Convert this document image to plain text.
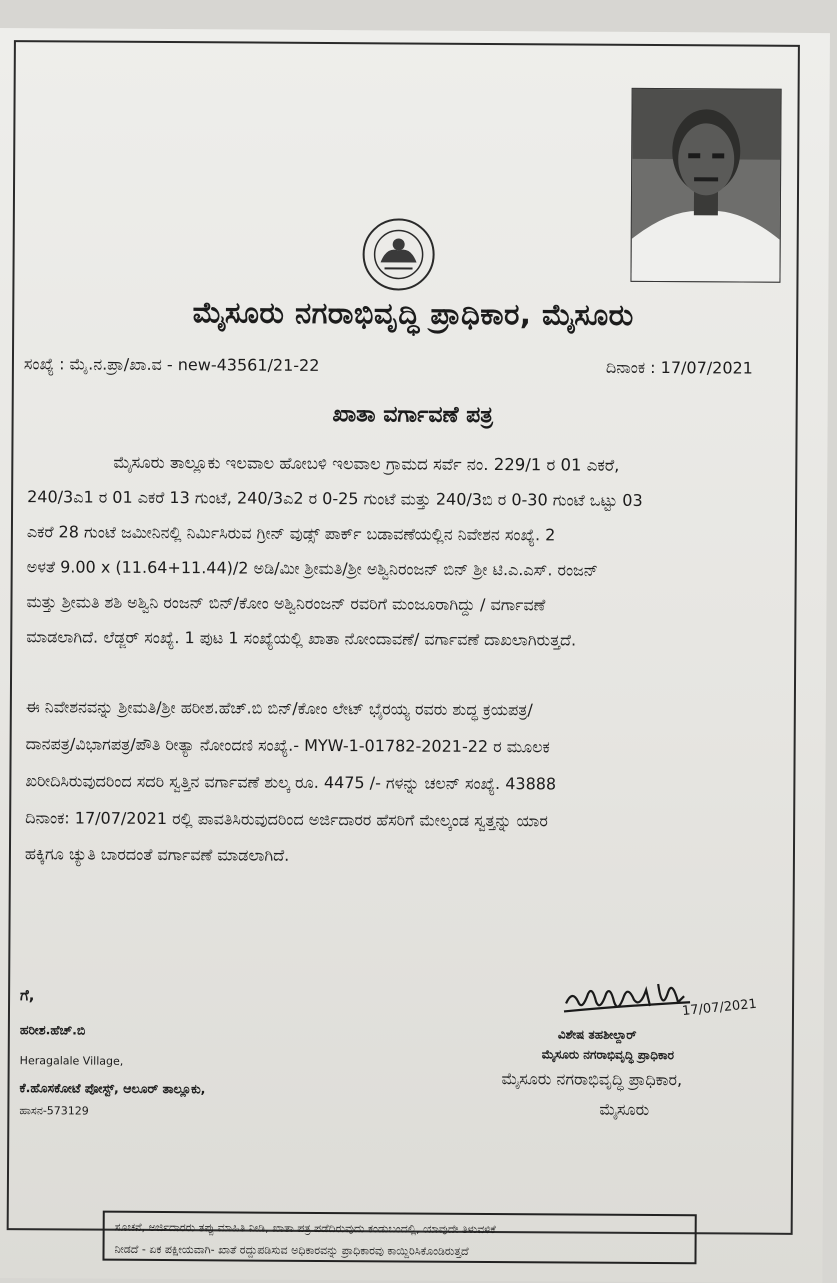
ಮೈಸೂರು ನಗರಾಭಿವೃದ್ಧಿ ಪ್ರಾಧಿಕಾರ, ಮೈಸೂರು
ಸಂಖ್ಯೆ : ಮೈ.ನ.ಪ್ರಾ/ಖಾ.ವ - new-43561/21-22	ದಿನಾಂಕ : 17/07/2021
ಖಾತಾ ವರ್ಗಾವಣೆ ಪತ್ರ
ಮೈಸೂರು ತಾಲ್ಲೂಕು ಇಲವಾಲ ಹೋಬಳಿ ಇಲವಾಲ ಗ್ರಾಮದ ಸರ್ವೆ ನಂ. 229/1 ರ 01 ಎಕರೆ,
240/3ಎ1 ರ 01 ಎಕರೆ 13 ಗುಂಟೆ, 240/3ಎ2 ರ 0-25 ಗುಂಟೆ ಮತ್ತು 240/3ಬಿ ರ 0-30 ಗುಂಟೆ ಒಟ್ಟು 03
ಎಕರೆ 28 ಗುಂಟೆ ಜಮೀನಿನಲ್ಲಿ ನಿರ್ಮಿಸಿರುವ ಗ್ರೀನ್ ವುಡ್ಸ್ ಪಾರ್ಕ್ ಬಡಾವಣೆಯಲ್ಲಿನ ನಿವೇಶನ ಸಂಖ್ಯೆ. 2
ಅಳತೆ 9.00 x (11.64+11.44)/2 ಅಡಿ/ಮೀ ಶ್ರೀಮತಿ/ಶ್ರೀ ಅಶ್ವಿನಿರಂಜನ್ ಬಿನ್ ಶ್ರೀ ಟಿ.ಎ.ಎಸ್. ರಂಜನ್
ಮತ್ತು ಶ್ರೀಮತಿ ಶಶಿ ಅಶ್ವಿನಿ ರಂಜನ್ ಬಿನ್/ಕೋಂ ಅಶ್ವಿನಿರಂಜನ್ ರವರಿಗೆ ಮಂಜೂರಾಗಿದ್ದು / ವರ್ಗಾವಣೆ
ಮಾಡಲಾಗಿದೆ. ಲೆಡ್ಜರ್ ಸಂಖ್ಯೆ. 1 ಪುಟ 1 ಸಂಖ್ಯೆಯಲ್ಲಿ ಖಾತಾ ನೋಂದಾವಣೆ/ ವರ್ಗಾವಣೆ ದಾಖಲಾಗಿರುತ್ತದೆ.
ಈ ನಿವೇಶನವನ್ನು ಶ್ರೀಮತಿ/ಶ್ರೀ ಹರೀಶ.ಹೆಚ್.ಬಿ ಬಿನ್/ಕೋಂ ಲೇಟ್ ಭೈರಯ್ಯ ರವರು ಶುದ್ಧ ಕ್ರಯಪತ್ರ/
ದಾನಪತ್ರ/ವಿಭಾಗಪತ್ರ/ಪೌತಿ ರೀತ್ಯಾ ನೋಂದಣಿ ಸಂಖ್ಯೆ.- MYW-1-01782-2021-22 ರ ಮೂಲಕ
ಖರೀದಿಸಿರುವುದರಿಂದ ಸದರಿ ಸ್ವತ್ತಿನ ವರ್ಗಾವಣೆ ಶುಲ್ಕ ರೂ. 4475 /- ಗಳನ್ನು ಚಲನ್ ಸಂಖ್ಯೆ. 43888
ದಿನಾಂಕ: 17/07/2021 ರಲ್ಲಿ ಪಾವತಿಸಿರುವುದರಿಂದ ಅರ್ಜಿದಾರರ ಹೆಸರಿಗೆ ಮೇಲ್ಕಂಡ ಸ್ವತ್ತನ್ನು ಯಾರ
ಹಕ್ಕಿಗೂ ಚ್ಯುತಿ ಬಾರದಂತೆ ವರ್ಗಾವಣೆ ಮಾಡಲಾಗಿದೆ.
ಗೆ,
ಹರೀಶ.ಹೆಚ್.ಬಿ
Heragalale Village,
ಕೆ.ಹೊಸಕೋಟೆ ಪೋಸ್ಟ್, ಆಲೂರ್ ತಾಲ್ಲೂಕು,
ಹಾಸನ-573129
17/07/2021
ವಿಶೇಷ ತಹಶೀಲ್ದಾರ್
ಮೈಸೂರು ನಗರಾಭಿವೃದ್ಧಿ ಪ್ರಾಧಿಕಾರ
ಮೈಸೂರು ನಗರಾಭಿವೃದ್ಧಿ ಪ್ರಾಧಿಕಾರ,
ಮೈಸೂರು
ಸೂಚನೆ, ಅರ್ಜಿದಾರರು ತಪ್ಪು ಮಾಹಿತಿ ನೀಡಿ, ಖಾತಾ ಪತ್ರ ಪಡೆದಿರುವುದು ಕಂಡುಬಂದಲ್ಲಿ, ಯಾವುದೇ ತಿಳುವಳಿಕೆ
ನೀಡದೆ - ಏಕ ಪಕ್ಷೀಯವಾಗಿ- ಖಾತೆ ರದ್ದುಪಡಿಸುವ ಅಧಿಕಾರವನ್ನು ಪ್ರಾಧಿಕಾರವು ಕಾಯ್ದಿರಿಸಿಕೊಂಡಿರುತ್ತದೆ
